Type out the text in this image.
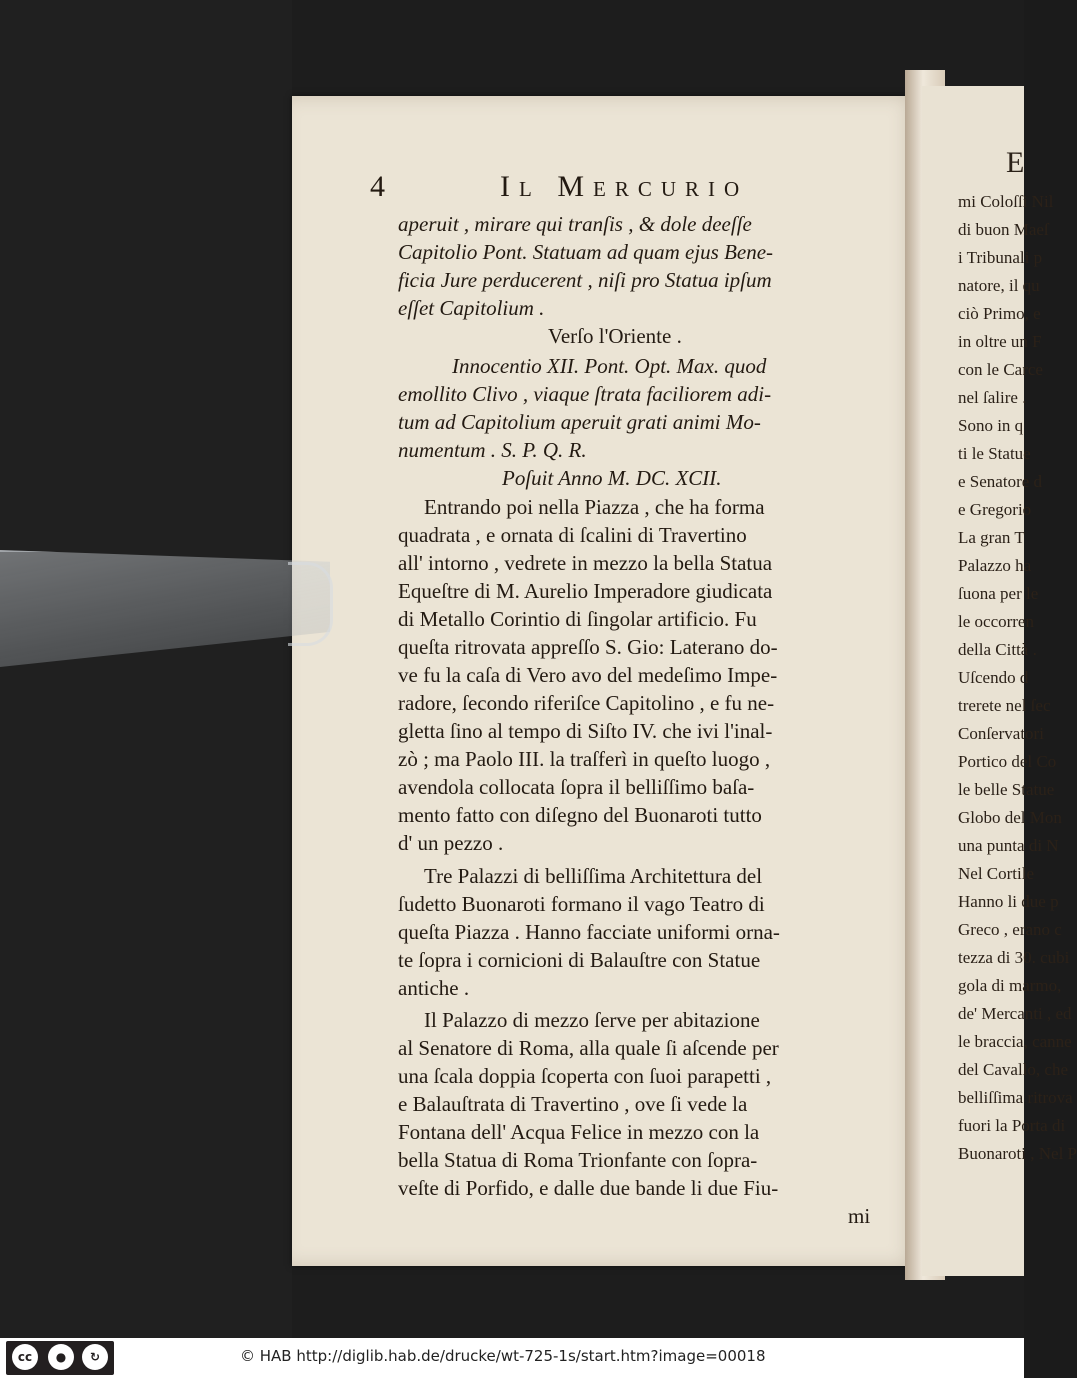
E
mi Coloſſi Nil
di buon Maeſ
i Tribunali p
natore, il qu
ciò Primo, e
in oltre un F
con le Carce
nel ſalire .
Sono in q
ti le Statue
e Senatore d
e Gregorio
La gran T
Palazzo ha
ſuona per le
le occorren
della Città .
Uſcendo d
trerete nel ſec
Conſervatori
Portico del Co
le belle Statue
Globo del Mon
una punta di N
Nel Cortile
Hanno li due p
Greco , erano c
tezza di 30. cubi
gola di marmo,
de' Mercanti , ed
le braccia, canne
del Cavallo, che
belliſſima ritrova
fuori la Porta di
Buonaroti , Nel P
4	Il Mercurio
aperuit , mirare qui tranſis , & dole deeſſe
Capitolio Pont. Statuam ad quam ejus Bene-
ficia Jure perducerent , niſi pro Statua ipſum
eſſet Capitolium .
Verſo l'Oriente .
Innocentio XII. Pont. Opt. Max. quod
emollito Clivo , viaque ſtrata faciliorem adi-
tum ad Capitolium aperuit grati animi Mo-
numentum . S. P. Q. R.
Poſuit Anno M. DC. XCII.
Entrando poi nella Piazza , che ha forma
quadrata , e ornata di ſcalini di Travertino
all' intorno , vedrete in mezzo la bella Statua
Equeſtre di M. Aurelio Imperadore giudicata
di Metallo Corintio di ſingolar artificio. Fu
queſta ritrovata appreſſo S. Gio: Laterano do-
ve fu la caſa di Vero avo del medeſimo Impe-
radore, ſecondo riferiſce Capitolino , e fu ne-
gletta ſino al tempo di Siſto IV. che ivi l'inal-
zò ; ma Paolo III. la traſferì in queſto luogo ,
avendola collocata ſopra il belliſſimo baſa-
mento fatto con diſegno del Buonaroti tutto
d' un pezzo .
Tre Palazzi di belliſſima Architettura del
ſudetto Buonaroti formano il vago Teatro di
queſta Piazza . Hanno facciate uniformi orna-
te ſopra i cornicioni di Balauſtre con Statue
antiche .
Il Palazzo di mezzo ſerve per abitazione
al Senatore di Roma, alla quale ſi aſcende per
una ſcala doppia ſcoperta con ſuoi parapetti ,
e Balauſtrata di Travertino , ove ſi vede la
Fontana dell' Acqua Felice in mezzo con la
bella Statua di Roma Trionfante con ſopra-
veſte di Porfido, e dalle due bande li due Fiu-
mi
cc	●	↻	© HAB http://diglib.hab.de/drucke/wt-725-1s/start.htm?image=00018
